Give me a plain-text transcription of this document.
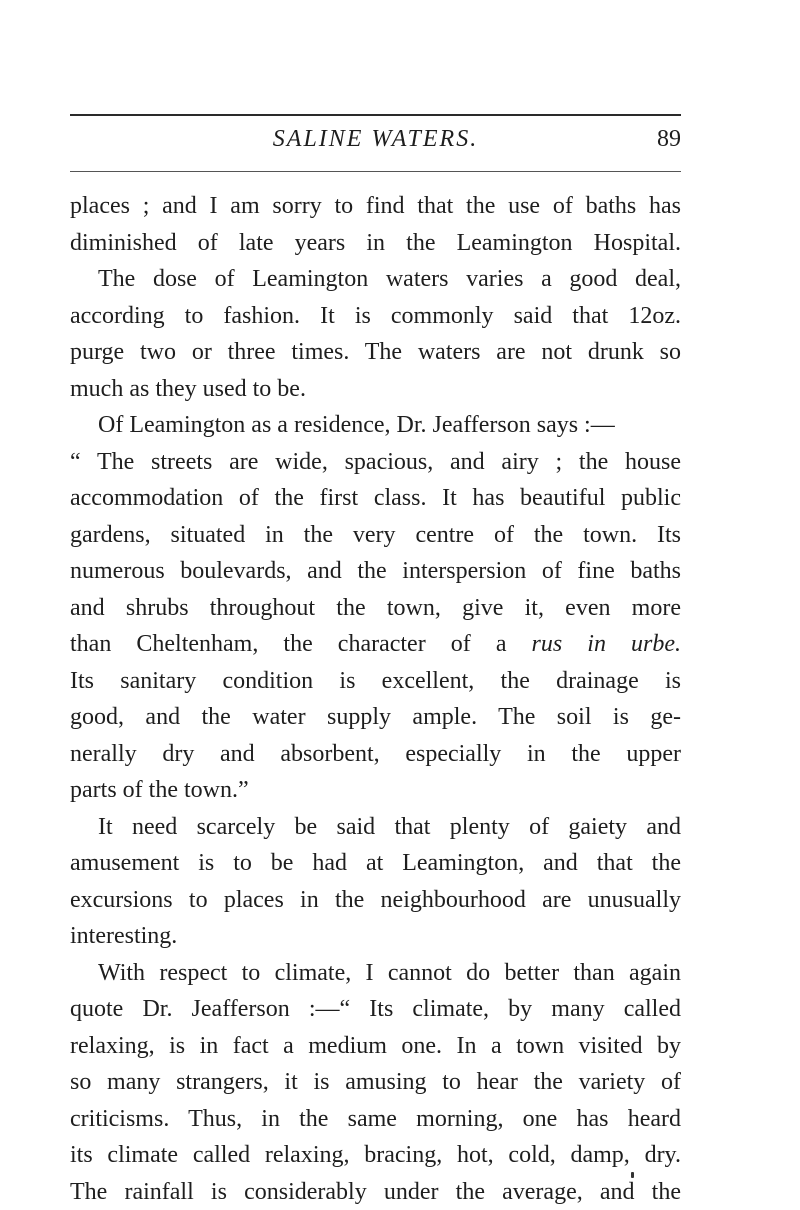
SALINE WATERS.	89
places ; and I am sorry to find that the use of baths has
diminished of late years in the Leamington Hospital.
The dose of Leamington waters varies a good deal,
according to fashion. It is commonly said that 12oz.
purge two or three times. The waters are not drunk so
much as they used to be.
Of Leamington as a residence, Dr. Jeafferson says :—
“ The streets are wide, spacious, and airy ; the house
accommodation of the first class. It has beautiful public
gardens, situated in the very centre of the town. Its
numerous boulevards, and the interspersion of fine baths
and shrubs throughout the town, give it, even more
than Cheltenham, the character of a rus in urbe.
Its sanitary condition is excellent, the drainage is
good, and the water supply ample. The soil is ge-
nerally dry and absorbent, especially in the upper
parts of the town.”
It need scarcely be said that plenty of gaiety and
amusement is to be had at Leamington, and that the
excursions to places in the neighbourhood are unusually
interesting.
With respect to climate, I cannot do better than again
quote Dr. Jeafferson :—“ Its climate, by many called
relaxing, is in fact a medium one. In a town visited by
so many strangers, it is amusing to hear the variety of
criticisms. Thus, in the same morning, one has heard
its climate called relaxing, bracing, hot, cold, damp, dry.
The rainfall is considerably under the average, and the
